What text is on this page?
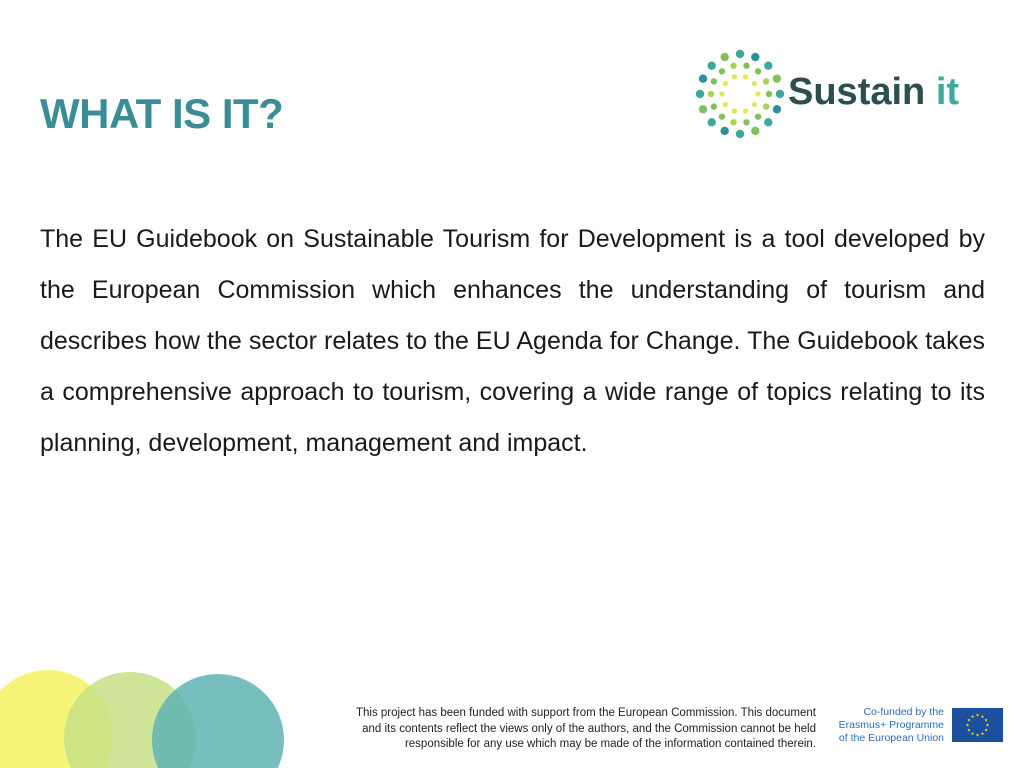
WHAT IS IT?	Sustain it

The EU Guidebook on Sustainable Tourism for Development is a tool developed by the European Commission which enhances the understanding of tourism and describes how the sector relates to the EU Agenda for Change. The Guidebook takes a comprehensive approach to tourism, covering a wide range of topics relating to its planning, development, management and impact.

This project has been funded with support from the European Commission. This document
and its contents reflect the views only of the authors, and the Commission cannot be held
responsible for any use which may be made of the information contained therein.
Co-funded by the
Erasmus+ Programme
of the European Union
★
★
★
★
★
★
★
★
★ ★ ★
★
